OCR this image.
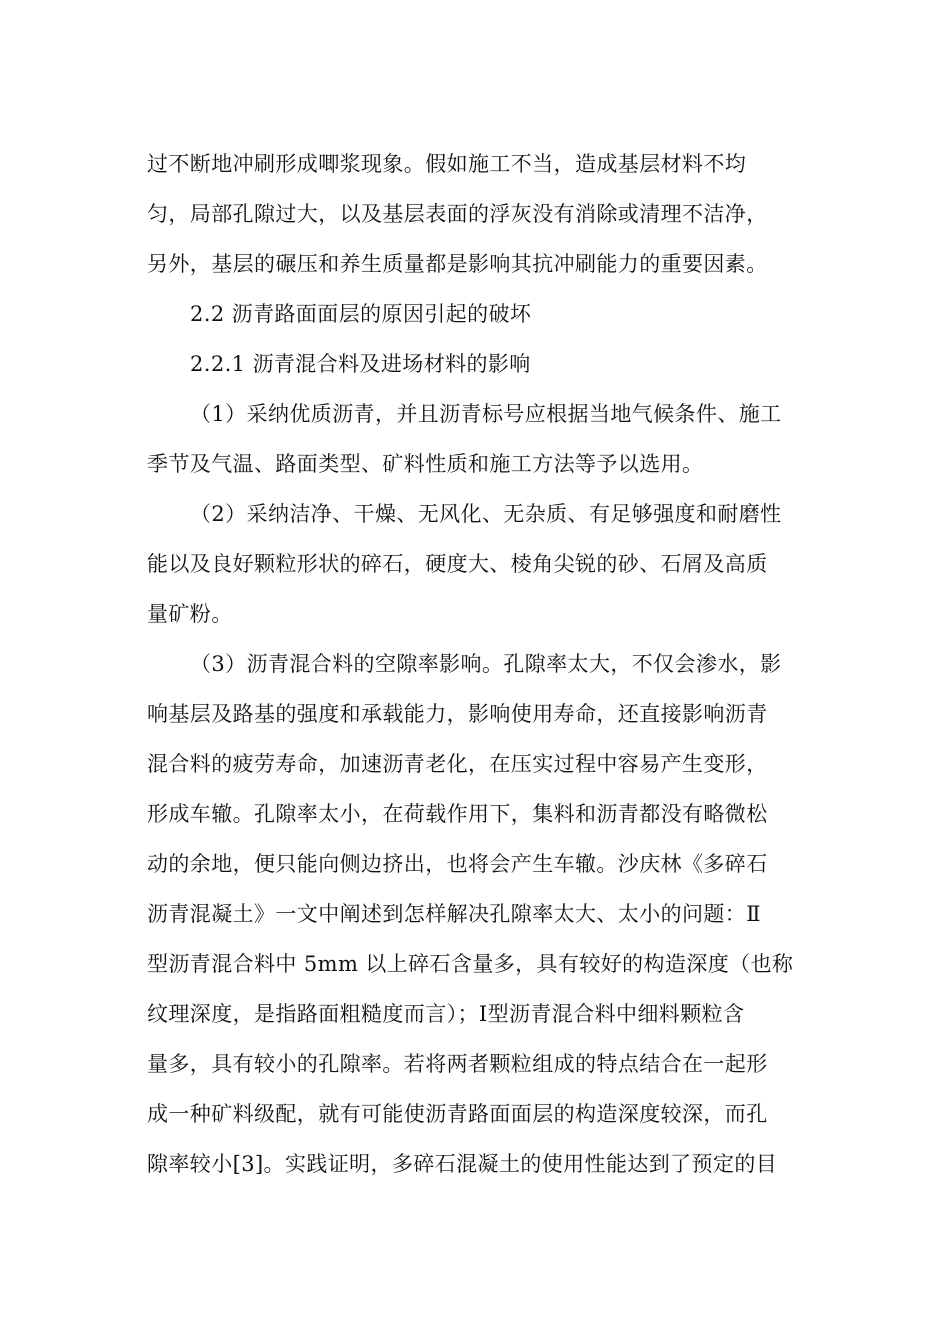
过不断地冲刷形成唧浆现象。假如施工不当，造成基层材料不均
匀，局部孔隙过大，以及基层表面的浮灰没有消除或清理不洁净，
另外，基层的碾压和养生质量都是影响其抗冲刷能力的重要因素。
2.2 沥青路面面层的原因引起的破坏
2.2.1 沥青混合料及进场材料的影响
（1）采纳优质沥青，并且沥青标号应根据当地气候条件、施工
季节及气温、路面类型、矿料性质和施工方法等予以选用。
（2）采纳洁净、干燥、无风化、无杂质、有足够强度和耐磨性
能以及良好颗粒形状的碎石，硬度大、棱角尖锐的砂、石屑及高质
量矿粉。
（3）沥青混合料的空隙率影响。孔隙率太大，不仅会渗水，影
响基层及路基的强度和承载能力，影响使用寿命，还直接影响沥青
混合料的疲劳寿命，加速沥青老化，在压实过程中容易产生变形，
形成车辙。孔隙率太小，在荷载作用下，集料和沥青都没有略微松
动的余地，便只能向侧边挤出，也将会产生车辙。沙庆林《多碎石
沥青混凝土》一文中阐述到怎样解决孔隙率太大、太小的问题：Ⅱ
型沥青混合料中 5mm 以上碎石含量多，具有较好的构造深度（也称
纹理深度，是指路面粗糙度而言）；Ⅰ型沥青混合料中细料颗粒含
量多，具有较小的孔隙率。若将两者颗粒组成的特点结合在一起形
成一种矿料级配，就有可能使沥青路面面层的构造深度较深，而孔
隙率较小[3]。实践证明，多碎石混凝土的使用性能达到了预定的目
